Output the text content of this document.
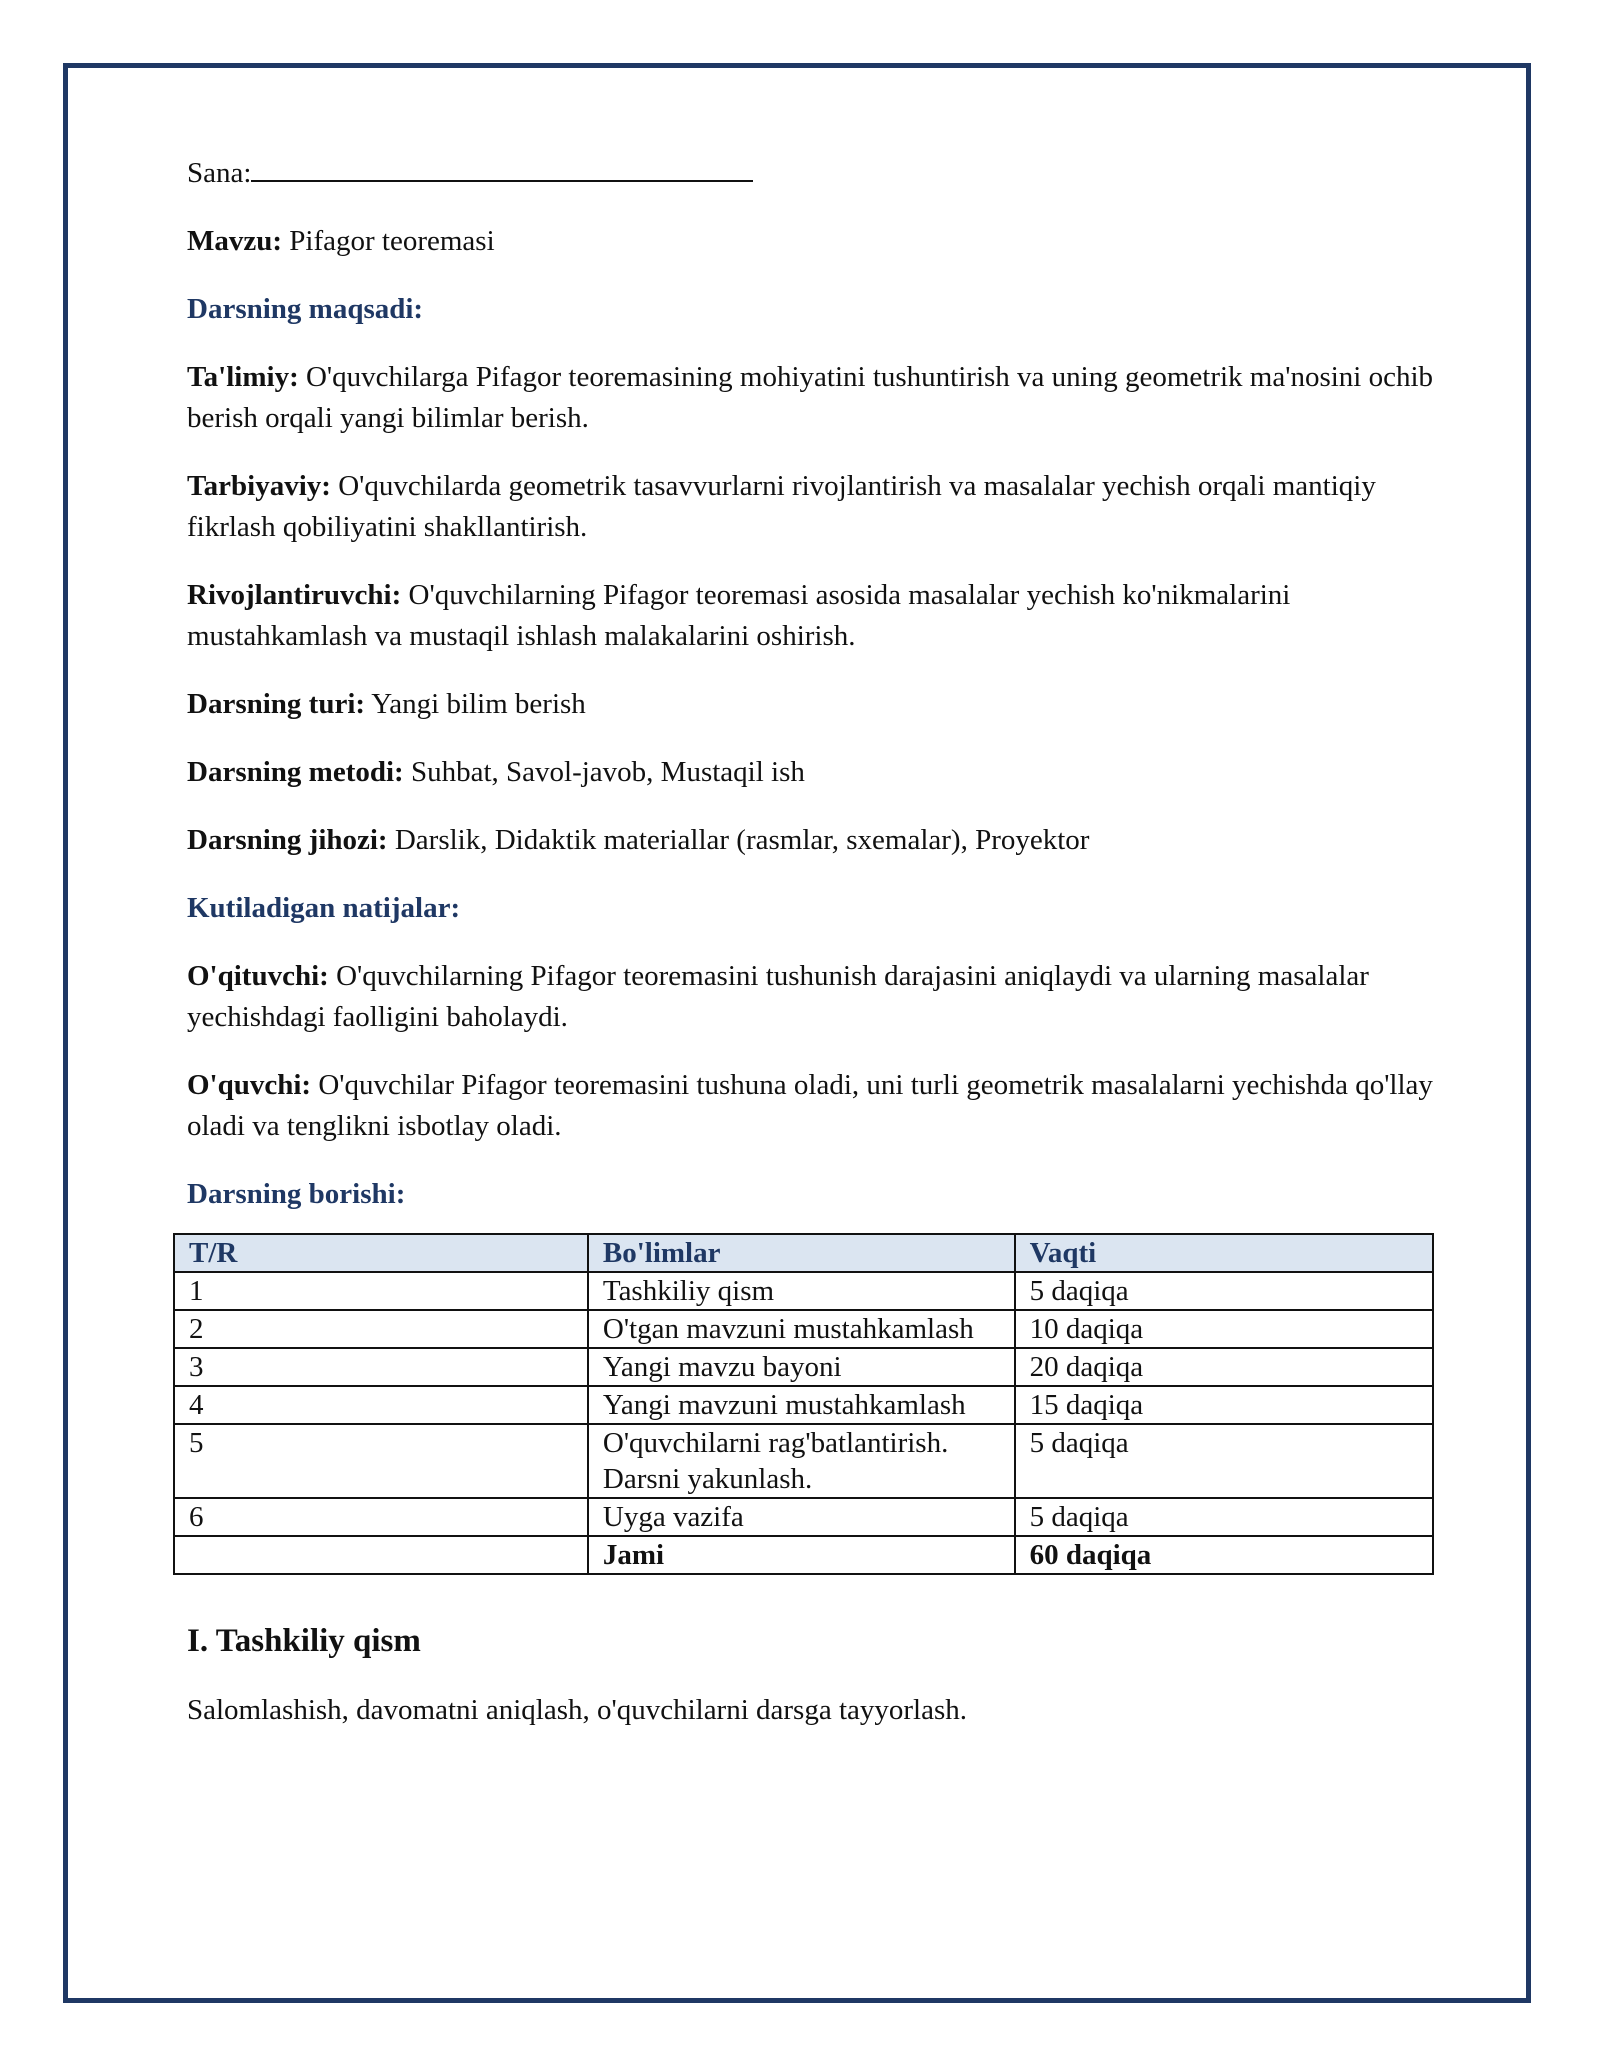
Sana:

Mavzu: Pifagor teoremasi

Darsning maqsadi:

Ta'limiy: O'quvchilarga Pifagor teoremasining mohiyatini tushuntirish va uning geometrik ma'nosini ochib berish orqali yangi bilimlar berish.

Tarbiyaviy: O'quvchilarda geometrik tasavvurlarni rivojlantirish va masalalar yechish orqali mantiqiy fikrlash qobiliyatini shakllantirish.

Rivojlantiruvchi: O'quvchilarning Pifagor teoremasi asosida masalalar yechish ko'nikmalarini mustahkamlash va mustaqil ishlash malakalarini oshirish.

Darsning turi: Yangi bilim berish

Darsning metodi: Suhbat, Savol-javob, Mustaqil ish

Darsning jihozi: Darslik, Didaktik materiallar (rasmlar, sxemalar), Proyektor

Kutiladigan natijalar:

O'qituvchi: O'quvchilarning Pifagor teoremasini tushunish darajasini aniqlaydi va ularning masalalar yechishdagi faolligini baholaydi.

O'quvchi: O'quvchilar Pifagor teoremasini tushuna oladi, uni turli geometrik masalalarni yechishda qo'llay oladi va tenglikni isbotlay oladi.

Darsning borishi:

T/R	Bo'limlar	Vaqti
1	Tashkiliy qism	5 daqiqa
2	O'tgan mavzuni mustahkamlash	10 daqiqa
3	Yangi mavzu bayoni	20 daqiqa
4	Yangi mavzuni mustahkamlash	15 daqiqa
5	O'quvchilarni rag'batlantirish. Darsni yakunlash.	5 daqiqa
6	Uyga vazifa	5 daqiqa
	Jami	60 daqiqa

I. Tashkiliy qism

Salomlashish, davomatni aniqlash, o'quvchilarni darsga tayyorlash.
